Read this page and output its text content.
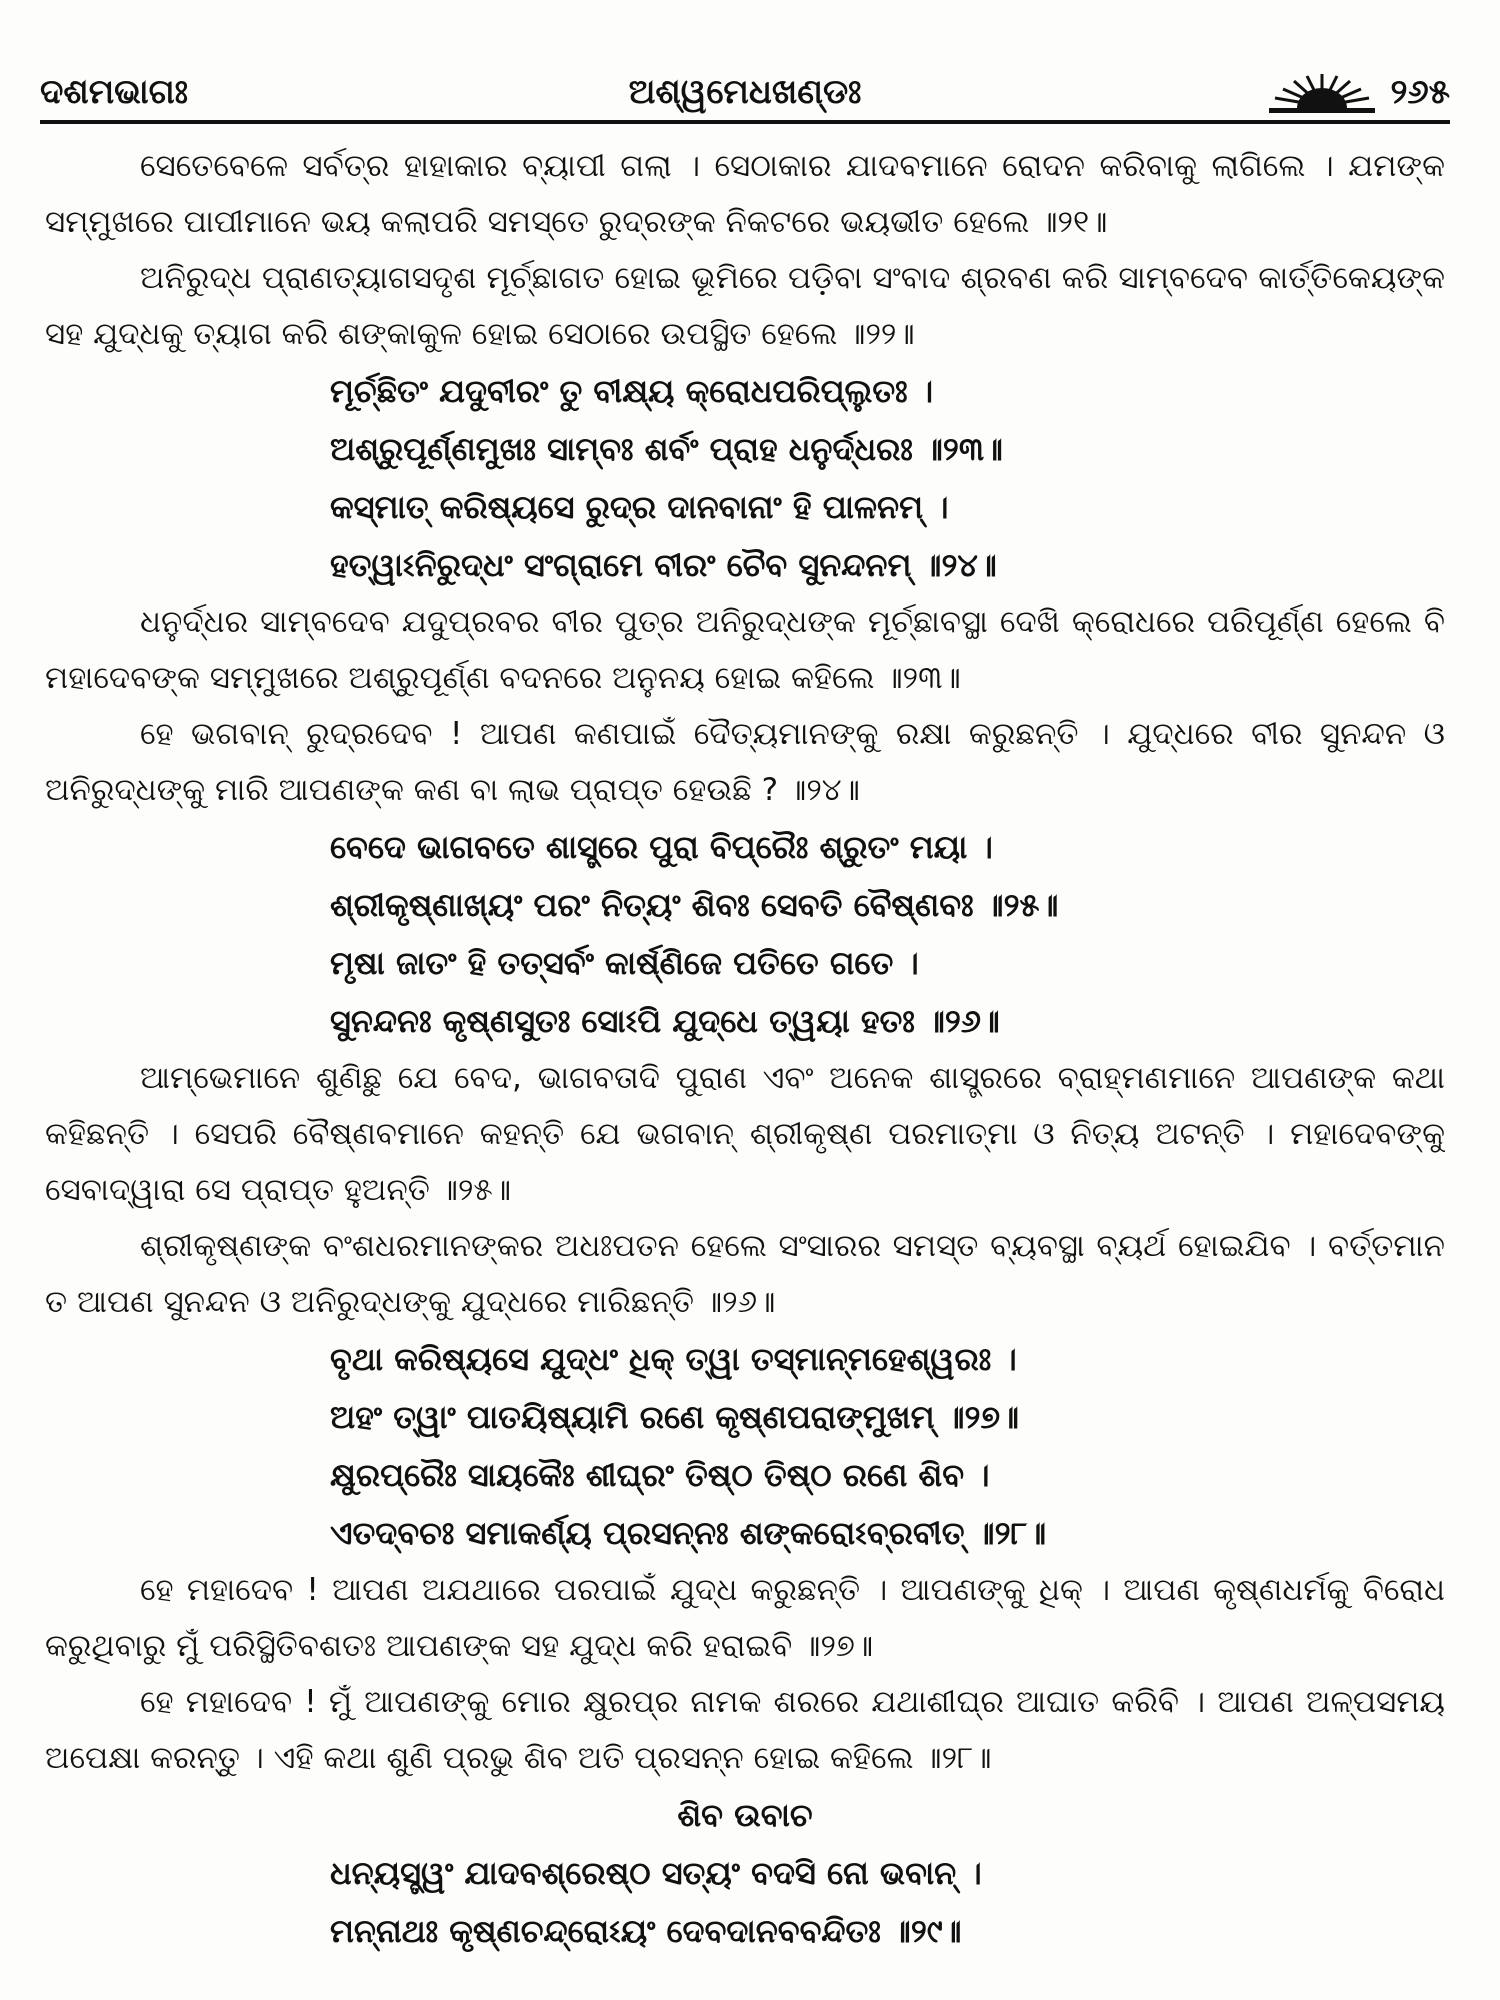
ଦଶମଭାଗଃ	ଅଶ୍ୱମେଧଖଣ୍ଡଃ	୨୬୫

ସେତେବେଳେ ସର୍ବତ୍ର ହାହାକାର ବ୍ୟାପୀ ଗଲା । ସେଠାକାର ଯାଦବମାନେ ରୋଦନ କରିବାକୁ ଲାଗିଲେ । ଯମଙ୍କ ସମ୍ମୁଖରେ ପାପୀମାନେ ଭୟ କଲାପରି ସମସ୍ତେ ରୁଦ୍ରଙ୍କ ନିକଟରେ ଭୟଭୀତ ହେଲେ ॥୨୧॥

ଅନିରୁଦ୍ଧ ପ୍ରାଣତ୍ୟାଗସଦୃଶ ମୂର୍ଚ୍ଛାଗତ ହୋଇ ଭୂମିରେ ପଡ଼ିବା ସଂବାଦ ଶ୍ରବଣ କରି ସାମ୍ବଦେବ କାର୍ତ୍ତିକେୟଙ୍କ ସହ ଯୁଦ୍ଧକୁ ତ୍ୟାଗ କରି ଶଙ୍କାକୁଳ ହୋଇ ସେଠାରେ ଉପସ୍ଥିତ ହେଲେ ॥୨୨॥

ମୂର୍ଚ୍ଛିତଂ ଯଦୁବୀରଂ ତୁ ବୀକ୍ଷ୍ୟ କ୍ରୋଧପରିପ୍ଲୁତଃ ।

ଅଶ୍ରୁପୂର୍ଣ୍ଣମୁଖଃ ସାମ୍ବଃ ଶର୍ବଂ ପ୍ରାହ ଧନୁର୍ଦ୍ଧରଃ ॥୨୩॥

କସ୍ମାତ୍ କରିଷ୍ୟସେ ରୁଦ୍ର ଦାନବାନାଂ ହି ପାଳନମ୍ ।

ହତ୍ୱାଽନିରୁଦ୍ଧଂ ସଂଗ୍ରାମେ ବୀରଂ ଚୈବ ସୁନନ୍ଦନମ୍ ॥୨୪॥

ଧନୁର୍ଦ୍ଧର ସାମ୍ବଦେବ ଯଦୁପ୍ରବର ବୀର ପୁତ୍ର ଅନିରୁଦ୍ଧଙ୍କ ମୂର୍ଚ୍ଛାବସ୍ଥା ଦେଖି କ୍ରୋଧରେ ପରିପୂର୍ଣ୍ଣ ହେଲେ ବି ମହାଦେବଙ୍କ ସମ୍ମୁଖରେ ଅଶ୍ରୁପୂର୍ଣ୍ଣ ବଦନରେ ଅନୁନୟ ହୋଇ କହିଲେ ॥୨୩॥

ହେ ଭଗବାନ୍ ରୁଦ୍ରଦେବ ! ଆପଣ କଣପାଇଁ ଦୈତ୍ୟମାନଙ୍କୁ ରକ୍ଷା କରୁଛନ୍ତି । ଯୁଦ୍ଧରେ ବୀର ସୁନନ୍ଦନ ଓ ଅନିରୁଦ୍ଧଙ୍କୁ ମାରି ଆପଣଙ୍କ କଣ ବା ଲାଭ ପ୍ରାପ୍ତ ହେଉଛି ? ॥୨୪॥

ବେଦେ ଭାଗବତେ ଶାସ୍ତ୍ରେ ପୁରା ବିପ୍ରୈଃ ଶ୍ରୁତଂ ମୟା ।

ଶ୍ରୀକୃଷ୍ଣାଖ୍ୟଂ ପରଂ ନିତ୍ୟଂ ଶିବଃ ସେବତି ବୈଷ୍ଣବଃ ॥୨୫॥

ମୃଷା ଜାତଂ ହି ତତ୍ସର୍ବଂ କାର୍ଷ୍ଣିଜେ ପତିତେ ଗତେ ।

ସୁନନ୍ଦନଃ କୃଷ୍ଣସୁତଃ ସୋଽପି ଯୁଦ୍ଧେ ତ୍ୱୟା ହତଃ ॥୨୬॥

ଆମ୍ଭେମାନେ ଶୁଣିଛୁ ଯେ ବେଦ, ଭାଗବତାଦି ପୁରାଣ ଏବଂ ଅନେକ ଶାସ୍ତ୍ରରେ ବ୍ରାହ୍ମଣମାନେ ଆପଣଙ୍କ କଥା କହିଛନ୍ତି । ସେପରି ବୈଷ୍ଣବମାନେ କହନ୍ତି ଯେ ଭଗବାନ୍ ଶ୍ରୀକୃଷ୍ଣ ପରମାତ୍ମା ଓ ନିତ୍ୟ ଅଟନ୍ତି । ମହାଦେବଙ୍କୁ ସେବାଦ୍ୱାରା ସେ ପ୍ରାପ୍ତ ହୁଅନ୍ତି ॥୨୫॥

ଶ୍ରୀକୃଷ୍ଣଙ୍କ ବଂଶଧରମାନଙ୍କର ଅଧଃପତନ ହେଲେ ସଂସାରର ସମସ୍ତ ବ୍ୟବସ୍ଥା ବ୍ୟର୍ଥ ହୋଇଯିବ । ବର୍ତ୍ତମାନ ତ ଆପଣ ସୁନନ୍ଦନ ଓ ଅନିରୁଦ୍ଧଙ୍କୁ ଯୁଦ୍ଧରେ ମାରିଛନ୍ତି ॥୨୬॥

ବୃଥା କରିଷ୍ୟସେ ଯୁଦ୍ଧଂ ଧିକ୍ ତ୍ୱା ତସ୍ମାନ୍ମହେଶ୍ୱରଃ ।

ଅହଂ ତ୍ୱାଂ ପାତୟିଷ୍ୟାମି ରଣେ କୃଷ୍ଣପରାଙ୍ମୁଖମ୍ ॥୨୭॥

କ୍ଷୁରପ୍ରୈଃ ସାୟକୈଃ ଶୀଘ୍ରଂ ତିଷ୍ଠ ତିଷ୍ଠ ରଣେ ଶିବ ।

ଏତଦ୍ବଚଃ ସମାକର୍ଣ୍ୟ ପ୍ରସନ୍ନଃ ଶଙ୍କରୋଽବ୍ରବୀତ୍ ॥୨୮॥

ହେ ମହାଦେବ ! ଆପଣ ଅଯଥାରେ ପରପାଇଁ ଯୁଦ୍ଧ କରୁଛନ୍ତି । ଆପଣଙ୍କୁ ଧିକ୍ । ଆପଣ କୃଷ୍ଣଧର୍ମକୁ ବିରୋଧ କରୁଥିବାରୁ ମୁଁ ପରିସ୍ଥିତିବଶତଃ ଆପଣଙ୍କ ସହ ଯୁଦ୍ଧ କରି ହରାଇବି ॥୨୭॥

ହେ ମହାଦେବ ! ମୁଁ ଆପଣଙ୍କୁ ମୋର କ୍ଷୁରପ୍ର ନାମକ ଶରରେ ଯଥାଶୀଘ୍ର ଆଘାତ କରିବି । ଆପଣ ଅଳ୍ପସମୟ ଅପେକ୍ଷା କରନ୍ତୁ । ଏହି କଥା ଶୁଣି ପ୍ରଭୁ ଶିବ ଅତି ପ୍ରସନ୍ନ ହୋଇ କହିଲେ ॥୨୮॥

ଶିବ ଉବାଚ

ଧନ୍ୟସ୍ତ୍ୱଂ ଯାଦବଶ୍ରେଷ୍ଠ ସତ୍ୟଂ ବଦସି ନୋ ଭବାନ୍ ।

ମନ୍ନାଥଃ କୃଷ୍ଣଚନ୍ଦ୍ରୋଽୟଂ ଦେବଦାନବବନ୍ଦିତଃ ॥୨୯॥
